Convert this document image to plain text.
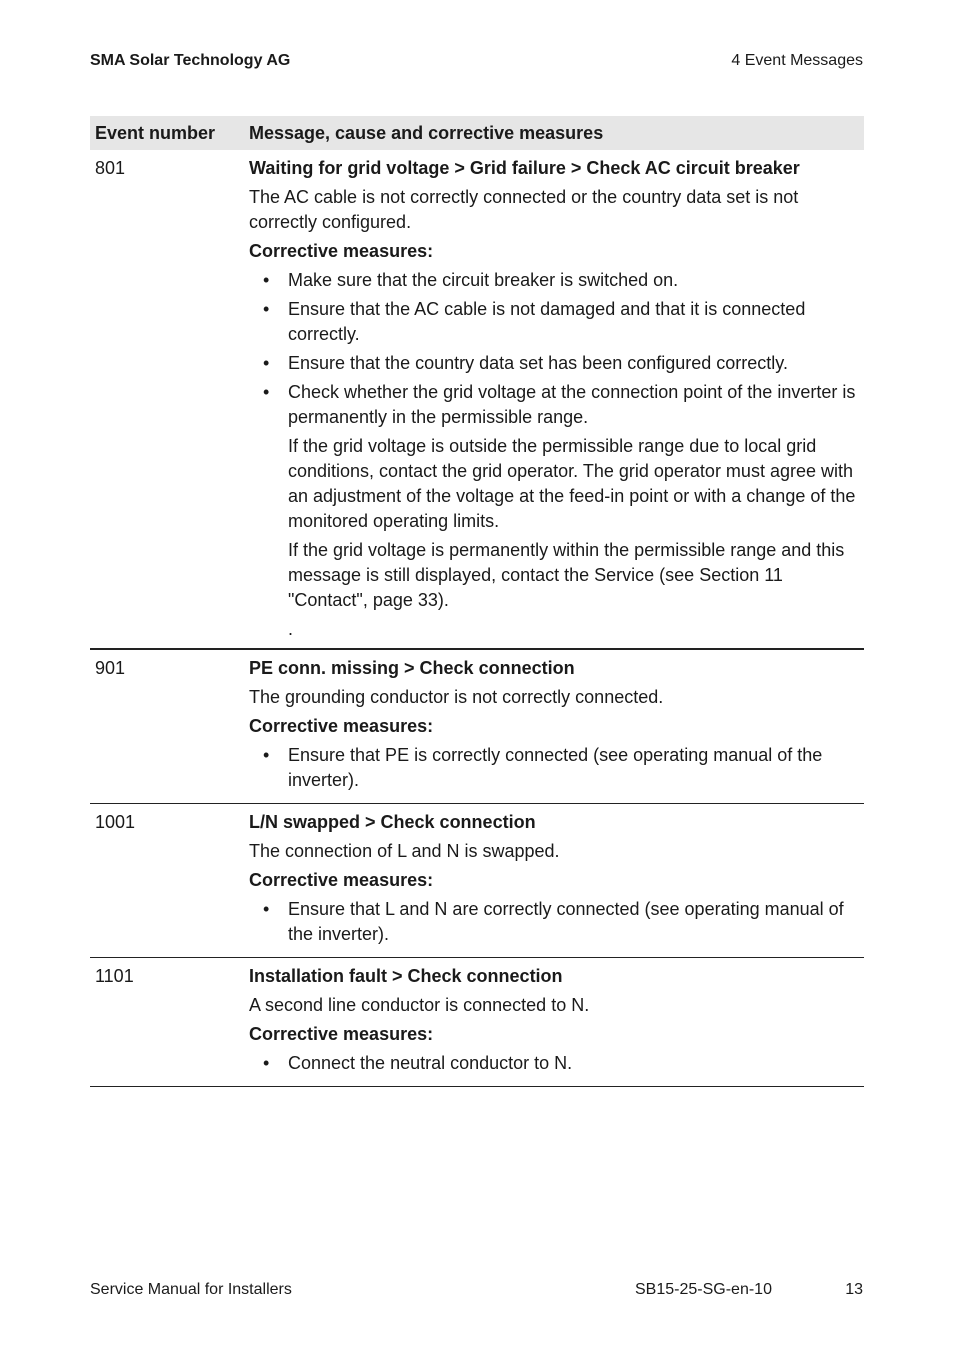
SMA Solar Technology AG	4 Event Messages
Event number	Message, cause and corrective measures
801	Waiting for grid voltage > Grid failure > Check AC circuit breaker
The AC cable is not correctly connected or the country data set is not correctly configured.
Corrective measures:
• Make sure that the circuit breaker is switched on.
• Ensure that the AC cable is not damaged and that it is connected correctly.
• Ensure that the country data set has been configured correctly.
• Check whether the grid voltage at the connection point of the inverter is permanently in the permissible range.
If the grid voltage is outside the permissible range due to local grid conditions, contact the grid operator. The grid operator must agree with an adjustment of the voltage at the feed-in point or with a change of the monitored operating limits.
If the grid voltage is permanently within the permissible range and this message is still displayed, contact the Service (see Section 11 "Contact", page 33).
.
901	PE conn. missing > Check connection
The grounding conductor is not correctly connected.
Corrective measures:
• Ensure that PE is correctly connected (see operating manual of the inverter).
1001	L/N swapped > Check connection
The connection of L and N is swapped.
Corrective measures:
• Ensure that L and N are correctly connected (see operating manual of the inverter).
1101	Installation fault > Check connection
A second line conductor is connected to N.
Corrective measures:
• Connect the neutral conductor to N.
Service Manual for Installers	SB15-25-SG-en-10	13
